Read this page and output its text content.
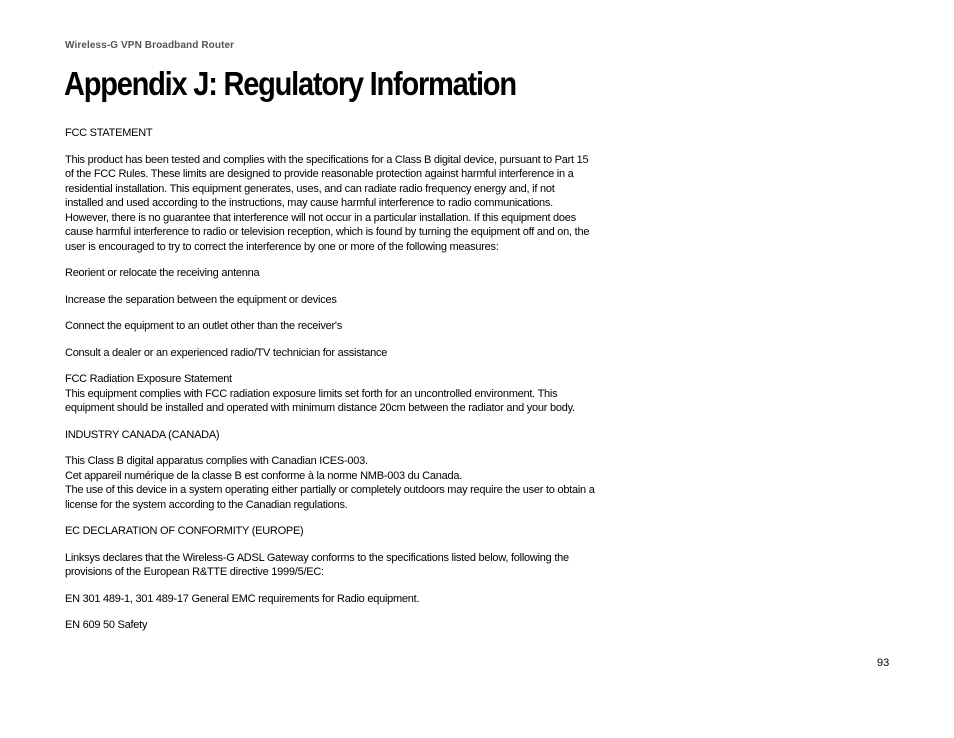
Wireless-G VPN Broadband Router
Appendix J: Regulatory Information

FCC STATEMENT

This product has been tested and complies with the specifications for a Class B digital device, pursuant to Part 15 of the FCC Rules. These limits are designed to provide reasonable protection against harmful interference in a residential installation. This equipment generates, uses, and can radiate radio frequency energy and, if not installed and used according to the instructions, may cause harmful interference to radio communications. However, there is no guarantee that interference will not occur in a particular installation. If this equipment does cause harmful interference to radio or television reception, which is found by turning the equipment off and on, the user is encouraged to try to correct the interference by one or more of the following measures:

Reorient or relocate the receiving antenna

Increase the separation between the equipment or devices

Connect the equipment to an outlet other than the receiver's

Consult a dealer or an experienced radio/TV technician for assistance

FCC Radiation Exposure Statement

This equipment complies with FCC radiation exposure limits set forth for an uncontrolled environment. This equipment should be installed and operated with minimum distance 20cm between the radiator and your body.

INDUSTRY CANADA (CANADA)

This Class B digital apparatus complies with Canadian ICES-003.

Cet appareil numérique de la classe B est conforme à la norme NMB-003 du Canada.

The use of this device in a system operating either partially or completely outdoors may require the user to obtain a license for the system according to the Canadian regulations.

EC DECLARATION OF CONFORMITY (EUROPE)

Linksys declares that the Wireless-G ADSL Gateway conforms to the specifications listed below, following the provisions of the European R&TTE directive 1999/5/EC:

EN 301 489-1, 301 489-17 General EMC requirements for Radio equipment.

EN 609 50 Safety

93
